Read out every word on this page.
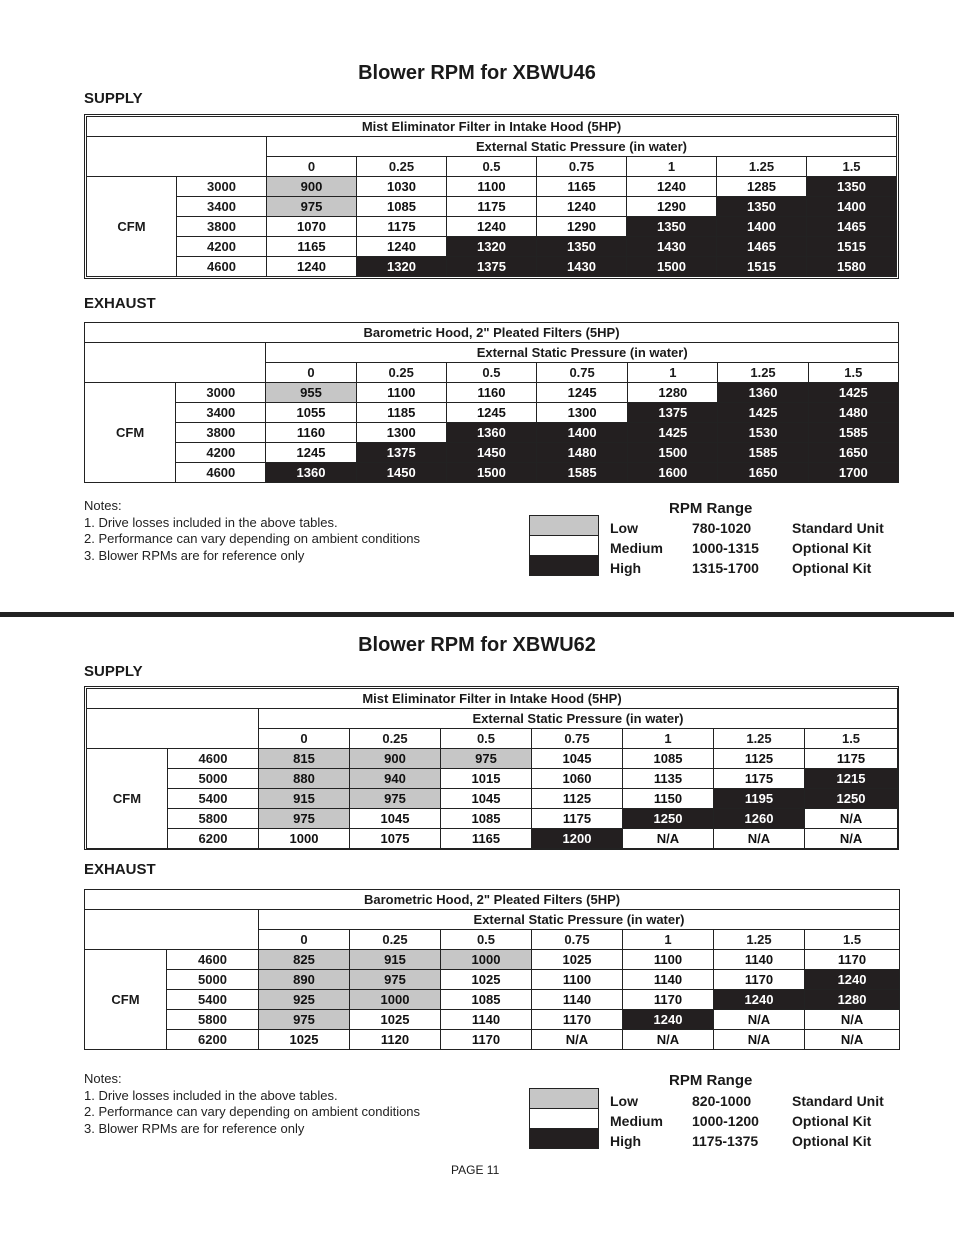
Blower RPM for XBWU46
SUPPLY
Mist Eliminator Filter in Intake Hood (5HP)								
		External Static Pressure (in water)						
		0	0.25	0.5	0.75	1	1.25	1.5
CFM	3000	900	1030	1100	1165	1240	1285	1350
	3400	975	1085	1175	1240	1290	1350	1400
	3800	1070	1175	1240	1290	1350	1400	1465
	4200	1165	1240	1320	1350	1430	1465	1515
	4600	1240	1320	1375	1430	1500	1515	1580
EXHAUST
Barometric Hood, 2" Pleated Filters (5HP)								
		External Static Pressure (in water)						
		0	0.25	0.5	0.75	1	1.25	1.5
CFM	3000	955	1100	1160	1245	1280	1360	1425
	3400	1055	1185	1245	1300	1375	1425	1480
	3800	1160	1300	1360	1400	1425	1530	1585
	4200	1245	1375	1450	1480	1500	1585	1650
	4600	1360	1450	1500	1585	1600	1650	1700
Notes:
1. Drive losses included in the above tables.
2. Performance can vary depending on ambient conditions
3. Blower RPMs are for reference only
RPM Range
Low	780-1020	Standard Unit
Medium 1000-1315 Optional Kit
High	1315-1700 Optional Kit
Blower RPM for XBWU62
SUPPLY
Mist Eliminator Filter in Intake Hood (5HP)								
		External Static Pressure (in water)						
		0	0.25	0.5	0.75	1	1.25	1.5
CFM	4600	815	900	975	1045	1085	1125	1175
	5000	880	940	1015	1060	1135	1175	1215
	5400	915	975	1045	1125	1150	1195	1250
	5800	975	1045	1085	1175	1250	1260	N/A
	6200	1000	1075	1165	1200	N/A	N/A	N/A
EXHAUST
Barometric Hood, 2" Pleated Filters (5HP)								
		External Static Pressure (in water)						
		0	0.25	0.5	0.75	1	1.25	1.5
CFM	4600	825	915	1000	1025	1100	1140	1170
	5000	890	975	1025	1100	1140	1170	1240
	5400	925	1000	1085	1140	1170	1240	1280
	5800	975	1025	1140	1170	1240	N/A	N/A
	6200	1025	1120	1170	N/A	N/A	N/A	N/A
Notes:
1. Drive losses included in the above tables.
2. Performance can vary depending on ambient conditions
3. Blower RPMs are for reference only
RPM Range
Low	820-1000	Standard Unit
Medium 1000-1200 Optional Kit
High	1175-1375 Optional Kit
PAGE 11
